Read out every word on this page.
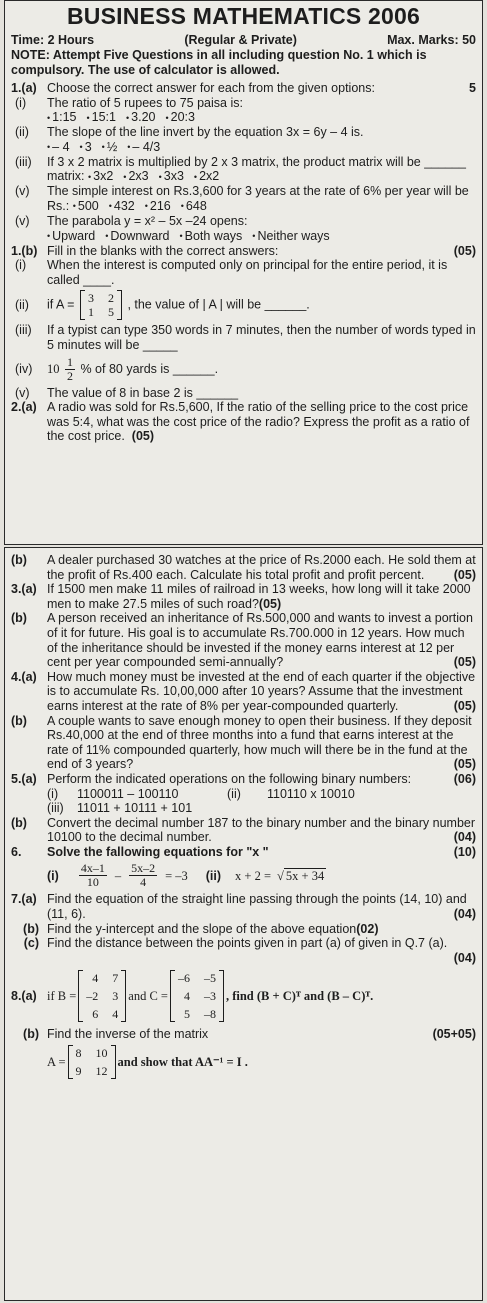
BUSINESS MATHEMATICS 2006
Time: 2 Hours	(Regular & Private)	Max. Marks: 50
NOTE: Attempt Five Questions in all including question No. 1 which is compulsory. The use of calculator is allowed.
1.(a) Choose the correct answer for each from the given options:	5
(i)	The ratio of 5 rupees to 75 paisa is:
• 1:15 • 15:1 • 3.20 • 20:3
(ii)	The slope of the line invert by the equation 3x = 6y – 4 is.
• – 4 • 3 • ½ • – 4/3
(iii)	If 3 x 2 matrix is multiplied by 2 x 3 matrix, the product matrix will be ______ matrix: • 3x2 • 2x3 • 3x3 • 2x2
(v)	The simple interest on Rs.3,600 for 3 years at the rate of 6% per year will be Rs.: • 500 • 432 • 216 • 648
(v)	The parabola y = x² – 5x –24 opens:
• Upward • Downward • Both ways • Neither ways
1.(b) Fill in the blanks with the correct answers:	(05)
(i)	When the interest is computed only on principal for the entire period, it is called ____.
(ii)	if A = 3 2
1 5
, the value of | A | will be ______.
(iii)	If a typist can type 350 words in 7 minutes, then the number of words typed in 5 minutes will be _____
(iv)	$10 \frac{1}{2}$ % of 80 yards is ______.
(v)	The value of 8 in base 2 is ______
2.(a) A radio was sold for Rs.5,600, If the ratio of the selling price to the cost price was 5:4, what was the cost price of the radio? Express the profit as a ratio of the cost price. (05)
(b)	A dealer purchased 30 watches at the price of Rs.2000 each. He sold them at the profit of Rs.400 each. Calculate his total profit and profit percent. (05)
3.(a) If 1500 men make 11 miles of railroad in 13 weeks, how long will it take 2000 men to make 27.5 miles of such road?(05)
(b)	A person received an inheritance of Rs.500,000 and wants to invest a portion of it for future. His goal is to accumulate Rs.700.000 in 12 years. How much of the inheritance should be invested if the money earns interest at 12 per cent per year compounded semi-annually?	(05)
4.(a) How much money must be invested at the end of each quarter if the objective is to accumulate Rs. 10,00,000 after 10 years? Assume that the investment earns interest at the rate of 8% per year-compounded quarterly.	(05)
(b)	A couple wants to save enough money to open their business. If they deposit Rs.40,000 at the end of three months into a fund that earns interest at the rate of 11% compounded quarterly, how much will there be in the fund at the end of 3 years?	(05)
5.(a) Perform the indicated operations on the following binary numbers:	(06)
(i)	1100011 – 100110	(ii)	110110 x 10010
(iii)	11011 + 10111 + 101
(b)	Convert the decimal number 187 to the binary number and the binary number 10100 to the decimal number.	(04)
6.	Solve the fallowing equations for "x "	(10)
$(i) \frac{4x-1}{10} - \frac{5x-2}{4} = -3$ (ii) x + 2 = √ 5x + 34
7.(a) Find the equation of the straight line passing through the points (14, 10) and (11, 6).	(04)
(b) Find the y-intercept and the slope of the above equation(02)
(c) Find the distance between the points given in part (a) of given in Q.7 (a).
(04)
8.(a) if B =
4 7
–2 3
6 4
and C =
–6 –5
4 –3
5 –8
, find (B + C)ᵀ and (B – C)ᵀ.
(b) Find the inverse of the matrix	(05+05)
A =
8 10
9 12
and show that AA⁻¹ = I .
